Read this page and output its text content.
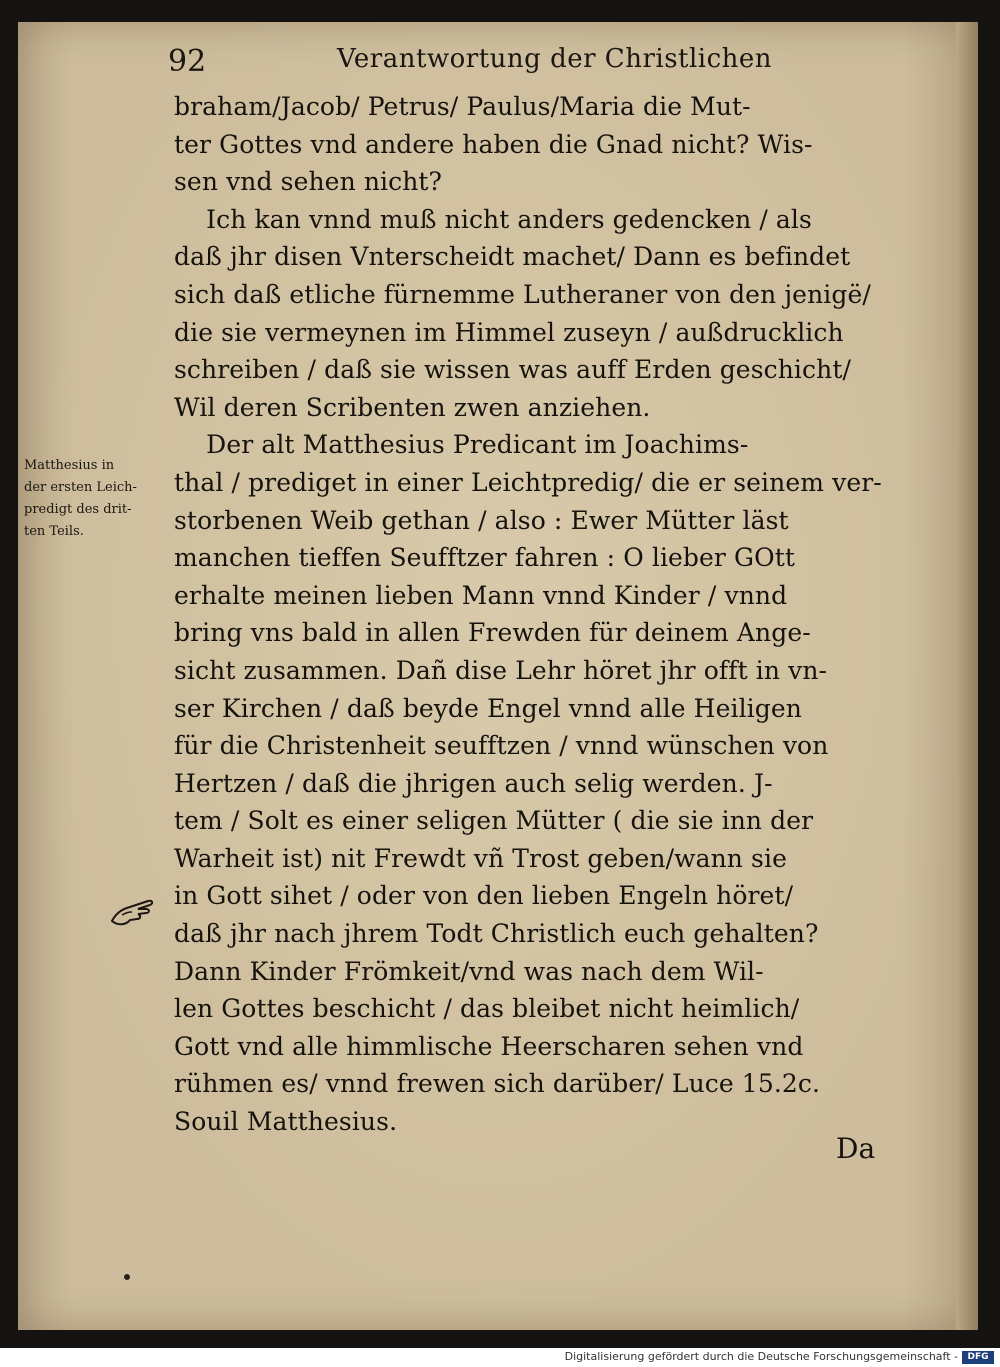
92	Verantwortung der Christlichen
braham/Jacob/ Petrus/ Paulus/Maria die Mut-
ter Gottes vnd andere haben die Gnad nicht? Wis-
sen vnd sehen nicht?
Ich kan vnnd muß nicht anders gedencken / als
daß jhr disen Vnterscheidt machet/ Dann es befindet
sich daß etliche fürnemme Lutheraner von den jenigë/
die sie vermeynen im Himmel zuseyn / außdrucklich
schreiben / daß sie wissen was auff Erden geschicht/
Wil deren Scribenten zwen anziehen.
Der alt Matthesius Predicant im Joachims-
thal / prediget in einer Leichtpredig/ die er seinem ver-
storbenen Weib gethan / also : Ewer Mütter läst
manchen tieffen Seufftzer fahren : O lieber GOtt
erhalte meinen lieben Mann vnnd Kinder / vnnd
bring vns bald in allen Frewden für deinem Ange-
sicht zusammen. Dañ dise Lehr höret jhr offt in vn-
ser Kirchen / daß beyde Engel vnnd alle Heiligen
für die Christenheit seufftzen / vnnd wünschen von
Hertzen / daß die jhrigen auch selig werden. J-
tem / Solt es einer seligen Mütter ( die sie inn der
Warheit ist) nit Frewdt vñ Trost geben/wann sie
in Gott sihet / oder von den lieben Engeln höret/
daß jhr nach jhrem Todt Christlich euch gehalten?
Dann Kinder Frömkeit/vnd was nach dem Wil-
len Gottes beschicht / das bleibet nicht heimlich/
Gott vnd alle himmlische Heerscharen sehen vnd
rühmen es/ vnnd frewen sich darüber/ Luce 15.2c.
Souil Matthesius.
Matthesius in
der ersten Leich-
predigt des drit-
ten Teils.
Da
Digitalisierung gefördert durch die Deutsche Forschungsgemeinschaft -	DFG
